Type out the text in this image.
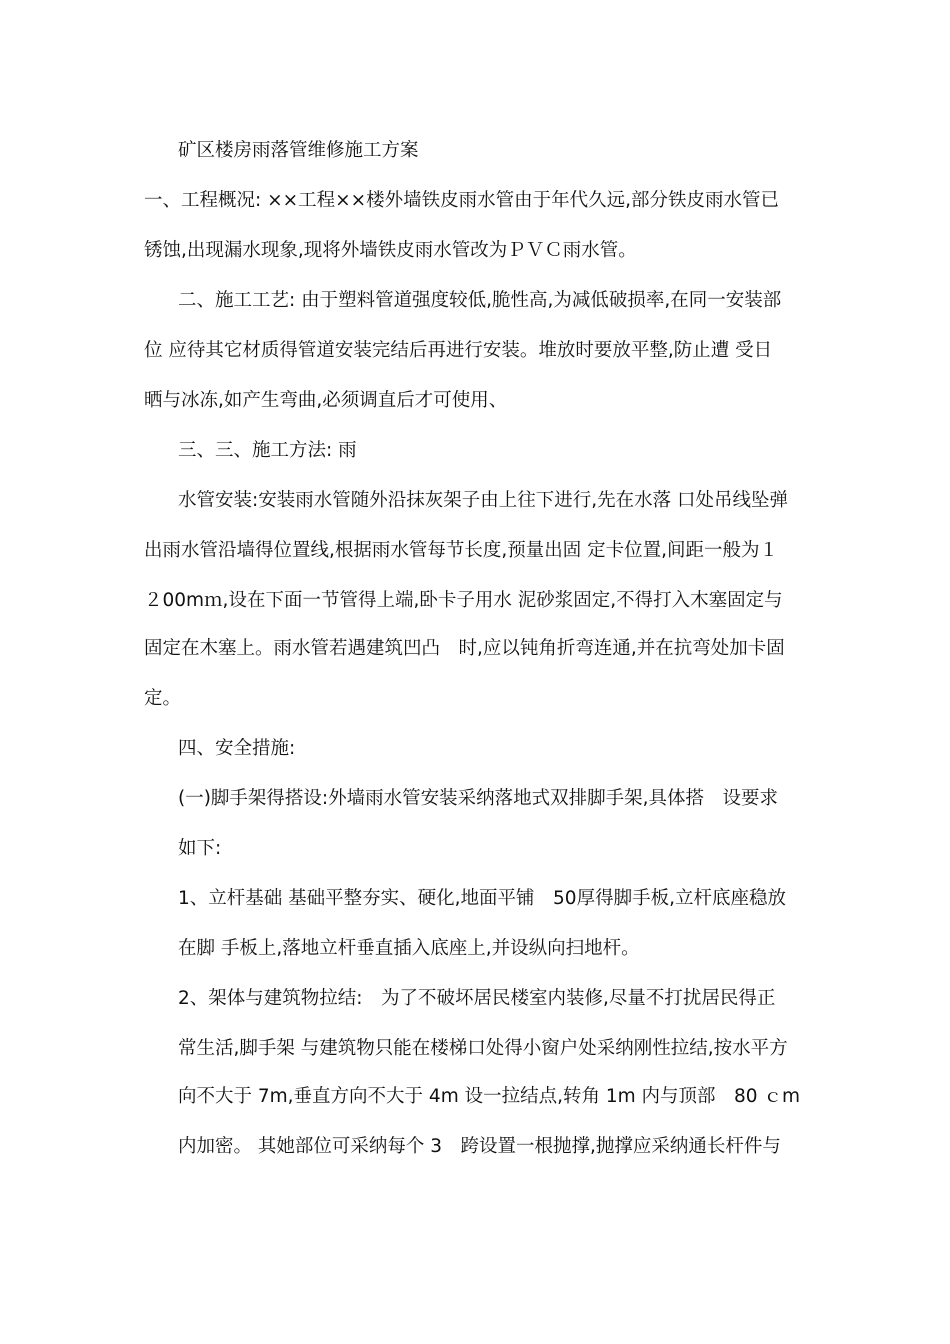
矿区楼房雨落管维修施工方案
一、工程概况: ××工程××楼外墙铁皮雨水管由于年代久远,部分铁皮雨水管已
锈蚀,出现漏水现象,现将外墙铁皮雨水管改为ＰＶＣ雨水管。
二、施工工艺: 由于塑料管道强度较低,脆性高,为减低破损率,在同一安装部
位 应待其它材质得管道安装完结后再进行安装。堆放时要放平整,防止遭 受日
晒与冰冻,如产生弯曲,必须调直后才可使用、
三、三、施工方法: 雨
水管安装:安装雨水管随外沿抹灰架子由上往下进行,先在水落 口处吊线坠弹
出雨水管沿墙得位置线,根据雨水管每节长度,预量出固 定卡位置,间距一般为１
２00mｍ,设在下面一节管得上端,卧卡子用水 泥砂浆固定,不得打入木塞固定与
固定在木塞上。雨水管若遇建筑凹凸　时,应以钝角折弯连通,并在抗弯处加卡固
定。
四、安全措施:
(一)脚手架得搭设:外墙雨水管安装采纳落地式双排脚手架,具体搭　设要求
如下:
1、立杆基础 基础平整夯实、硬化,地面平铺　50厚得脚手板,立杆底座稳放
在脚 手板上,落地立杆垂直插入底座上,并设纵向扫地杆。
2、架体与建筑物拉结:　为了不破坏居民楼室内装修,尽量不打扰居民得正
常生活,脚手架 与建筑物只能在楼梯口处得小窗户处采纳刚性拉结,按水平方
向不大于 7m,垂直方向不大于 4m 设一拉结点,转角 1m 内与顶部　80 ｃm
内加密。 其她部位可采纳每个 3　跨设置一根抛撑,抛撑应采纳通长杆件与
